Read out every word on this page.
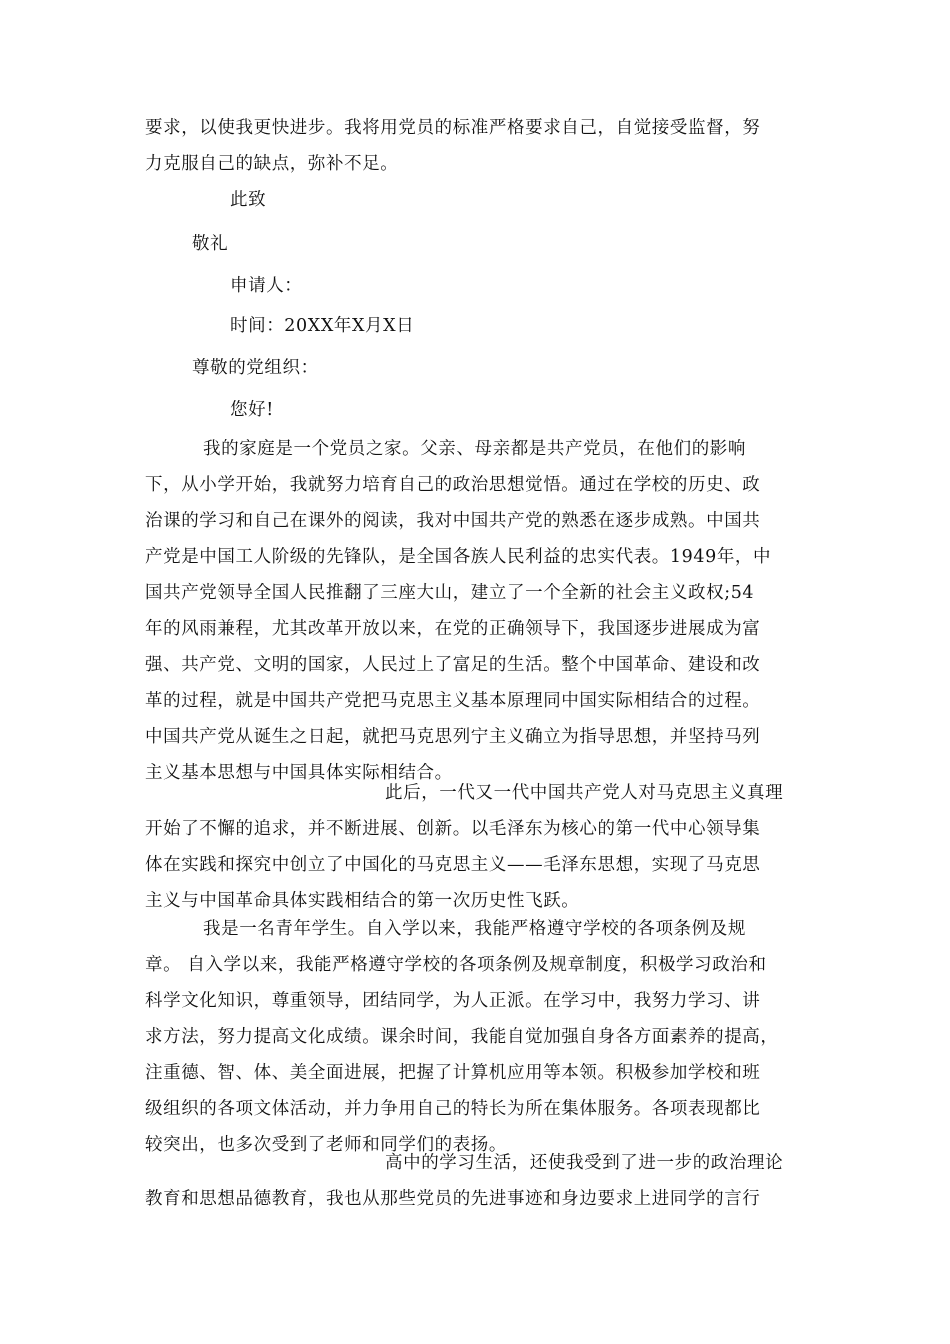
要求，以使我更快进步。我将用党员的标准严格要求自己，自觉接受监督，努
力克服自己的缺点，弥补不足。
此致
敬礼
申请人：
时间：20XX年X月X日
尊敬的党组织：
您好!
我的家庭是一个党员之家。父亲、母亲都是共产党员，在他们的影响
下，从小学开始，我就努力培育自己的政治思想觉悟。通过在学校的历史、政
治课的学习和自己在课外的阅读，我对中国共产党的熟悉在逐步成熟。中国共
产党是中国工人阶级的先锋队，是全国各族人民利益的忠实代表。1949年，中
国共产党领导全国人民推翻了三座大山，建立了一个全新的社会主义政权;54
年的风雨兼程，尤其改革开放以来，在党的正确领导下，我国逐步进展成为富
强、共产党、文明的国家，人民过上了富足的生活。整个中国革命、建设和改
革的过程，就是中国共产党把马克思主义基本原理同中国实际相结合的过程。
中国共产党从诞生之日起，就把马克思列宁主义确立为指导思想，并坚持马列
主义基本思想与中国具体实际相结合。
此后，一代又一代中国共产党人对马克思主义真理
开始了不懈的追求，并不断进展、创新。以毛泽东为核心的第一代中心领导集
体在实践和探究中创立了中国化的马克思主义——毛泽东思想，实现了马克思
主义与中国革命具体实践相结合的第一次历史性飞跃。
我是一名青年学生。自入学以来，我能严格遵守学校的各项条例及规
章。 自入学以来，我能严格遵守学校的各项条例及规章制度，积极学习政治和
科学文化知识，尊重领导，团结同学，为人正派。在学习中，我努力学习、讲
求方法，努力提高文化成绩。课余时间，我能自觉加强自身各方面素养的提高，
注重德、智、体、美全面进展，把握了计算机应用等本领。积极参加学校和班
级组织的各项文体活动，并力争用自己的特长为所在集体服务。各项表现都比
较突出，也多次受到了老师和同学们的表扬。
高中的学习生活，还使我受到了进一步的政治理论
教育和思想品德教育，我也从那些党员的先进事迹和身边要求上进同学的言行
